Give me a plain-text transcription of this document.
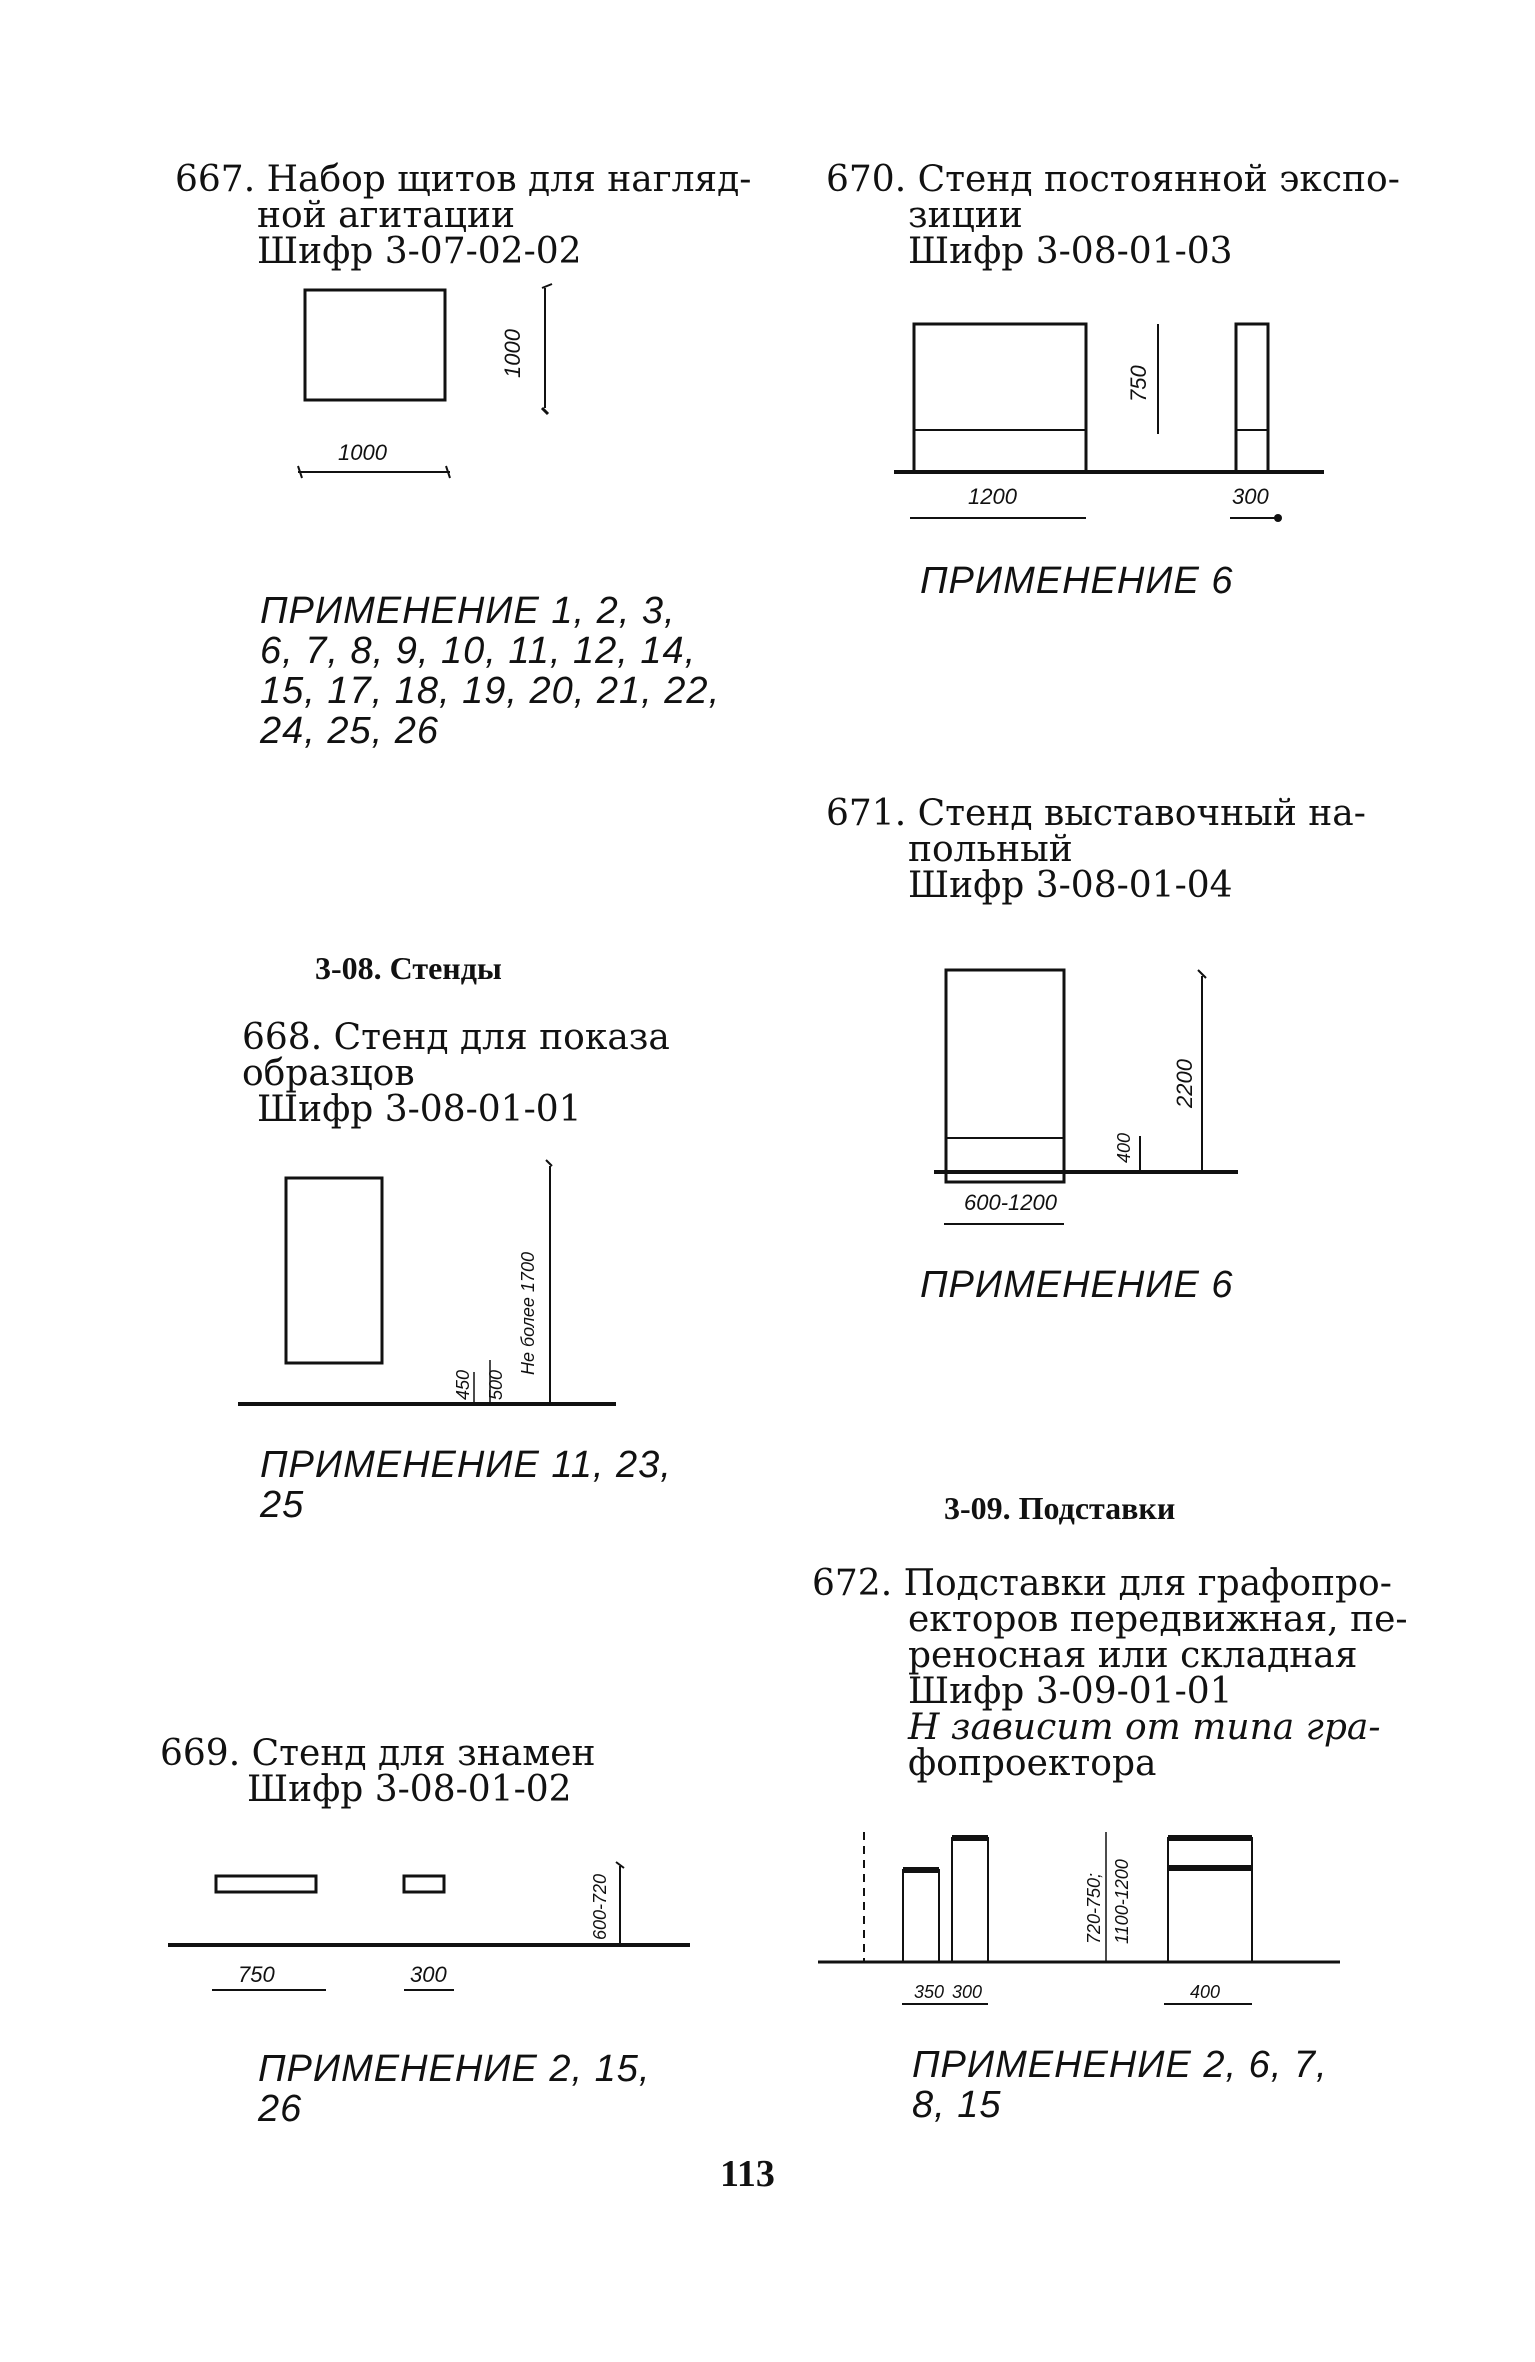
667. Набор щитов для нагляд-
ной агитации
Шифр 3-07-02-02
1000
1000
ПРИМЕНЕНИЕ 1, 2, 3,
6, 7, 8, 9, 10, 11, 12, 14,
15, 17, 18, 19, 20, 21, 22,
24, 25, 26
3-08. Стенды
668. Стенд для показа
образцов
Шифр 3-08-01-01
450 500
Не более 1700
ПРИМЕНЕНИЕ 11, 23,
25
669. Стенд для знамен
Шифр 3-08-01-02
600-720
750	300
ПРИМЕНЕНИЕ 2, 15,
26
670. Стенд постоянной экспо-
зиции
Шифр 3-08-01-03
750
1200	300
ПРИМЕНЕНИЕ 6
671. Стенд выставочный на-
польный
Шифр 3-08-01-04
2200
400
600-1200
ПРИМЕНЕНИЕ 6
3-09. Подставки
672. Подставки для графопро-
екторов передвижная, пе-
реносная или складная
Шифр 3-09-01-01
Н зависит от типа гра-
фопроектора
720-750; 1100-1200
350 300	400
ПРИМЕНЕНИЕ 2, 6, 7,
8, 15
113
